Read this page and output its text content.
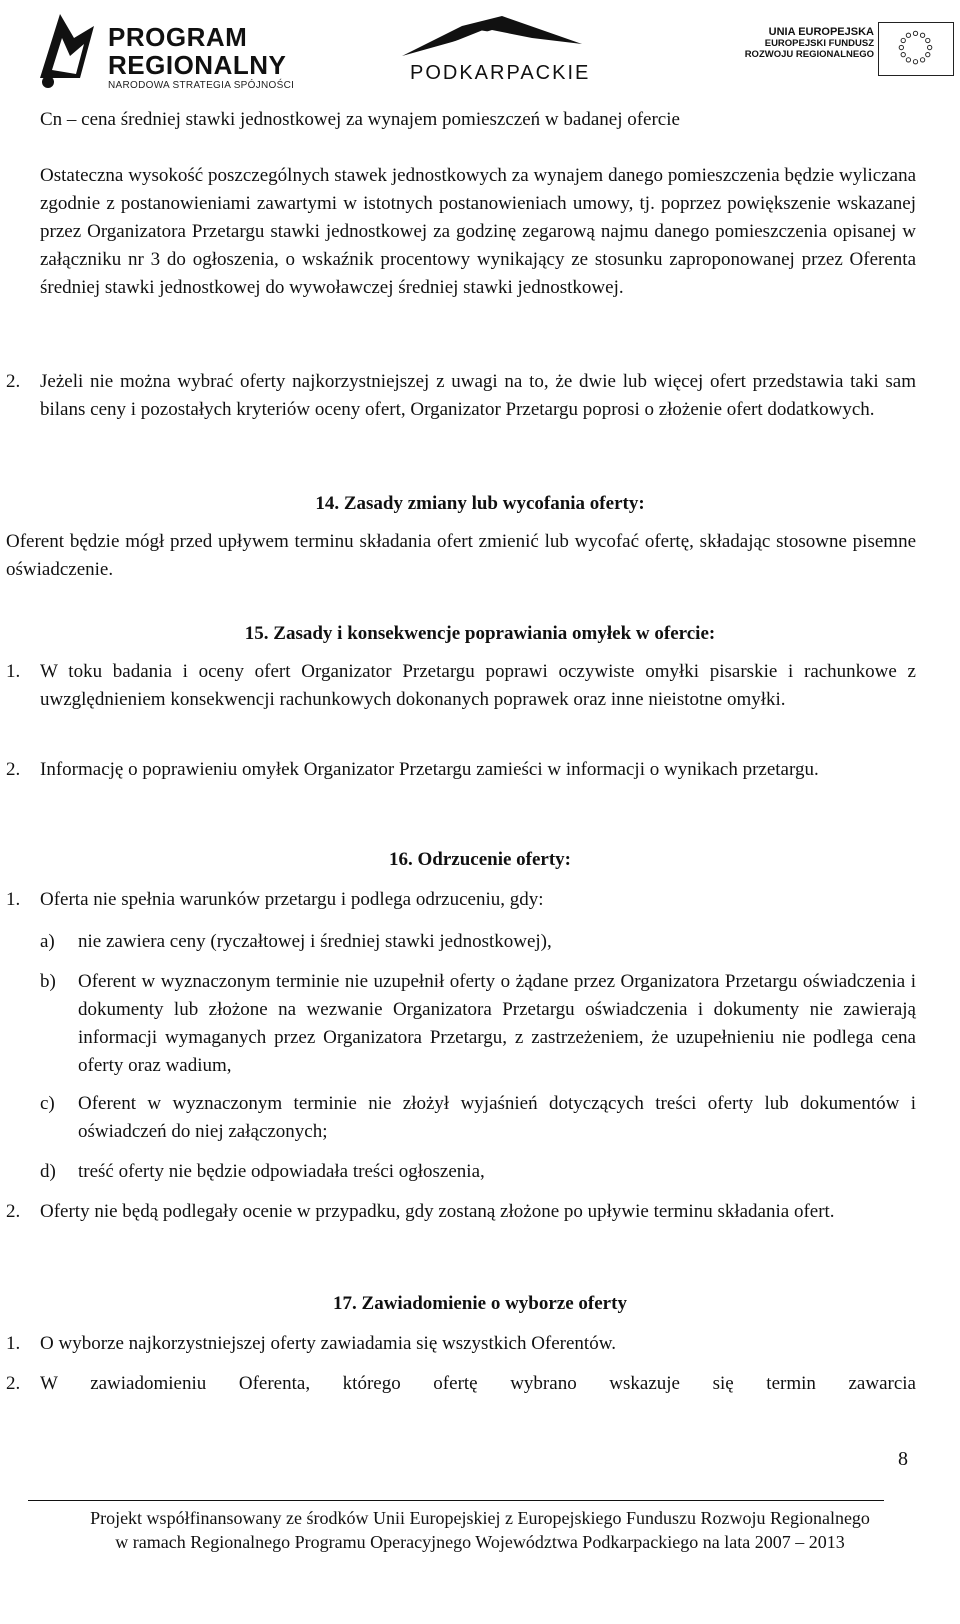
PROGRAM
REGIONALNY
NARODOWA STRATEGIA SPÓJNOŚCI
PODKARPACKIE
UNIA EUROPEJSKA
EUROPEJSKI FUNDUSZ
ROZWOJU REGIONALNEGO

Cn – cena średniej stawki jednostkowej za wynajem pomieszczeń w badanej ofercie

Ostateczna wysokość poszczególnych stawek jednostkowych za wynajem danego pomieszczenia będzie wyliczana zgodnie z postanowieniami zawartymi w istotnych postanowieniach umowy, tj. poprzez powiększenie wskazanej przez Organizatora Przetargu stawki jednostkowej za godzinę zegarową najmu danego pomieszczenia opisanej w załączniku nr 3 do ogłoszenia, o wskaźnik procentowy wynikający ze stosunku zaproponowanej przez Oferenta średniej stawki jednostkowej do wywoławczej średniej stawki jednostkowej.

2. Jeżeli nie można wybrać oferty najkorzystniejszej z uwagi na to, że dwie lub więcej ofert przedstawia taki sam bilans ceny i pozostałych kryteriów oceny ofert, Organizator Przetargu poprosi o złożenie ofert dodatkowych.

14. Zasady zmiany lub wycofania oferty:

Oferent będzie mógł przed upływem terminu składania ofert zmienić lub wycofać ofertę, składając stosowne pisemne oświadczenie.

15. Zasady i konsekwencje poprawiania omyłek w ofercie:
1. W toku badania i oceny ofert Organizator Przetargu poprawi oczywiste omyłki pisarskie i rachunkowe z uwzględnieniem konsekwencji rachunkowych dokonanych poprawek oraz inne nieistotne omyłki.

2. Informację o poprawieniu omyłek Organizator Przetargu zamieści w informacji o wynikach przetargu.

16. Odrzucenie oferty:
1. Oferta nie spełnia warunków przetargu i podlega odrzuceniu, gdy:

a) nie zawiera ceny (ryczałtowej i średniej stawki jednostkowej),

b) Oferent w wyznaczonym terminie nie uzupełnił oferty o żądane przez Organizatora Przetargu oświadczenia i dokumenty lub złożone na wezwanie Organizatora Przetargu oświadczenia i dokumenty nie zawierają informacji wymaganych przez Organizatora Przetargu, z zastrzeżeniem, że uzupełnieniu nie podlega cena oferty oraz wadium,

c) Oferent w wyznaczonym terminie nie złożył wyjaśnień dotyczących treści oferty lub dokumentów i oświadczeń do niej załączonych;

d) treść oferty nie będzie odpowiadała treści ogłoszenia,

2. Oferty nie będą podlegały ocenie w przypadku, gdy zostaną złożone po upływie terminu składania ofert.

17. Zawiadomienie o wyborze oferty
1. O wyborze najkorzystniejszej oferty zawiadamia się wszystkich Oferentów.

2. W zawiadomieniu Oferenta, którego ofertę wybrano wskazuje się termin zawarcia

8
Projekt współfinansowany ze środków Unii Europejskiej z Europejskiego Funduszu Rozwoju Regionalnego
w ramach Regionalnego Programu Operacyjnego Województwa Podkarpackiego na lata 2007 – 2013
